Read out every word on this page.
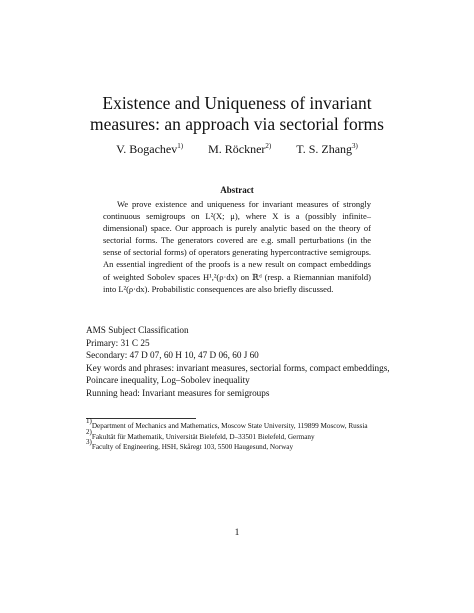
Existence and Uniqueness of invariant
measures: an approach via sectorial forms
V. Bogachev$^{1)}$ M. Röckner$^{2)}$ T. S. Zhang$^{3)}$
Abstract

We prove existence and uniqueness for invariant measures of strongly continuous semigroups on L²(X; μ), where X is a (possibly infinite–dimensional) space. Our approach is purely analytic based on the theory of sectorial forms. The generators covered are e.g. small perturbations (in the sense of sectorial forms) of operators generating hypercontractive semigroups. An essential ingredient of the proofs is a new result on compact embeddings of weighted Sobolev spaces H¹,²(ρ·dx) on ℝᵈ (resp. a Riemannian manifold) into L²(ρ·dx). Probabilistic consequences are also briefly discussed.

AMS Subject Classification
Primary: 31 C 25
Secondary: 47 D 07, 60 H 10, 47 D 06, 60 J 60
Key words and phrases: invariant measures, sectorial forms, compact embeddings, Poincare inequality, Log–Sobolev inequality
Running head: Invariant measures for semigroups
$^{1)}$Department of Mechanics and Mathematics, Moscow State University, 119899 Moscow, Russia
$^{2)}$Fakultät für Mathematik, Universität Bielefeld, D–33501 Bielefeld, Germany
$^{3)}$Faculty of Engineering, HSH, Skåregt 103, 5500 Haugesund, Norway
1
